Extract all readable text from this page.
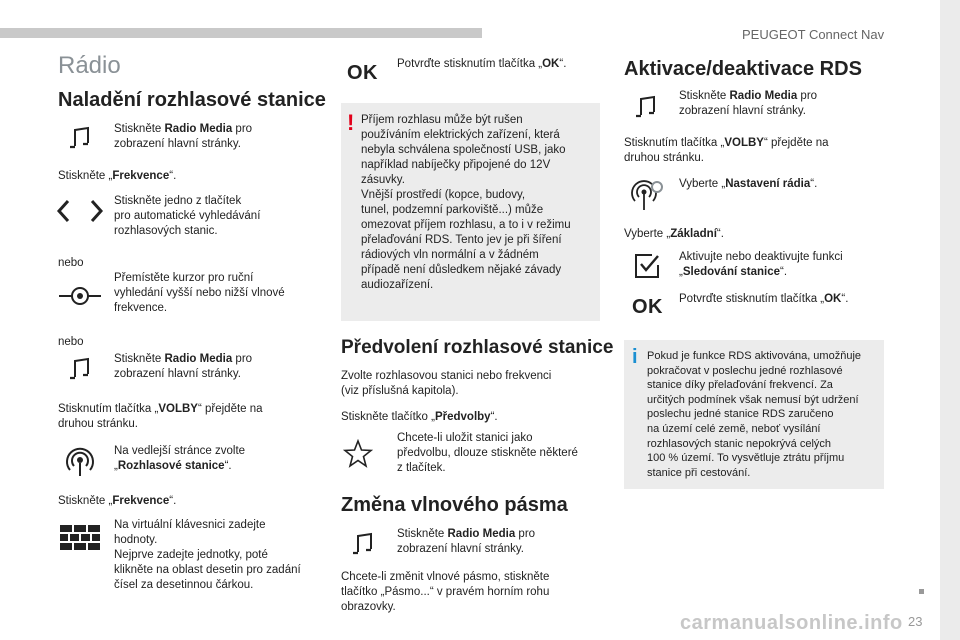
PEUGEOT Connect Nav
carmanualsonline.info 23
Rádio
Naladění rozhlasové stanice
Stiskněte Radio Media pro
zobrazení hlavní stránky.
Stiskněte „Frekvence“.
Stiskněte jedno z tlačítek
pro automatické vyhledávání
rozhlasových stanic.
nebo
Přemístěte kurzor pro ruční
vyhledání vyšší nebo nižší vlnové
frekvence.
nebo
Stiskněte Radio Media pro
zobrazení hlavní stránky.
Stisknutím tlačítka „VOLBY“ přejděte na
druhou stránku.
Na vedlejší stránce zvolte
„Rozhlasové stanice“.
Stiskněte „Frekvence“.
Na virtuální klávesnici zadejte
hodnoty.
Nejprve zadejte jednotky, poté
klikněte na oblast desetin pro zadání
čísel za desetinnou čárkou.
OK Potvrďte stisknutím tlačítka „OK“.
! Příjem rozhlasu může být rušen
používáním elektrických zařízení, která
nebyla schválena společností USB, jako
například nabíječky připojené do 12V
zásuvky.
Vnější prostředí (kopce, budovy,
tunel, podzemní parkoviště...) může
omezovat příjem rozhlasu, a to i v režimu
přelaďování RDS. Tento jev je při šíření
rádiových vln normální a v žádném
případě není důsledkem nějaké závady
audiozařízení.
Předvolení rozhlasové stanice
Zvolte rozhlasovou stanici nebo frekvenci
(viz příslušná kapitola).
Stiskněte tlačítko „Předvolby“.
Chcete-li uložit stanici jako
předvolbu, dlouze stiskněte některé
z tlačítek.
Změna vlnového pásma
Stiskněte Radio Media pro
zobrazení hlavní stránky.
Chcete-li změnit vlnové pásmo, stiskněte
tlačítko „Pásmo...“ v pravém horním rohu
obrazovky.
Aktivace/deaktivace RDS
Stiskněte Radio Media pro
zobrazení hlavní stránky.
Stisknutím tlačítka „VOLBY“ přejděte na
druhou stránku.
Vyberte „Nastavení rádia“.
Vyberte „Základní“.
Aktivujte nebo deaktivujte funkci
„Sledování stanice“.
OK Potvrďte stisknutím tlačítka „OK“.
i Pokud je funkce RDS aktivována, umožňuje
pokračovat v poslechu jedné rozhlasové
stanice díky přelaďování frekvencí. Za
určitých podmínek však nemusí být udržení
poslechu jedné stanice RDS zaručeno
na území celé země, neboť vysílání
rozhlasových stanic nepokrývá celých
100 % území. To vysvětluje ztrátu příjmu
stanice při cestování.
